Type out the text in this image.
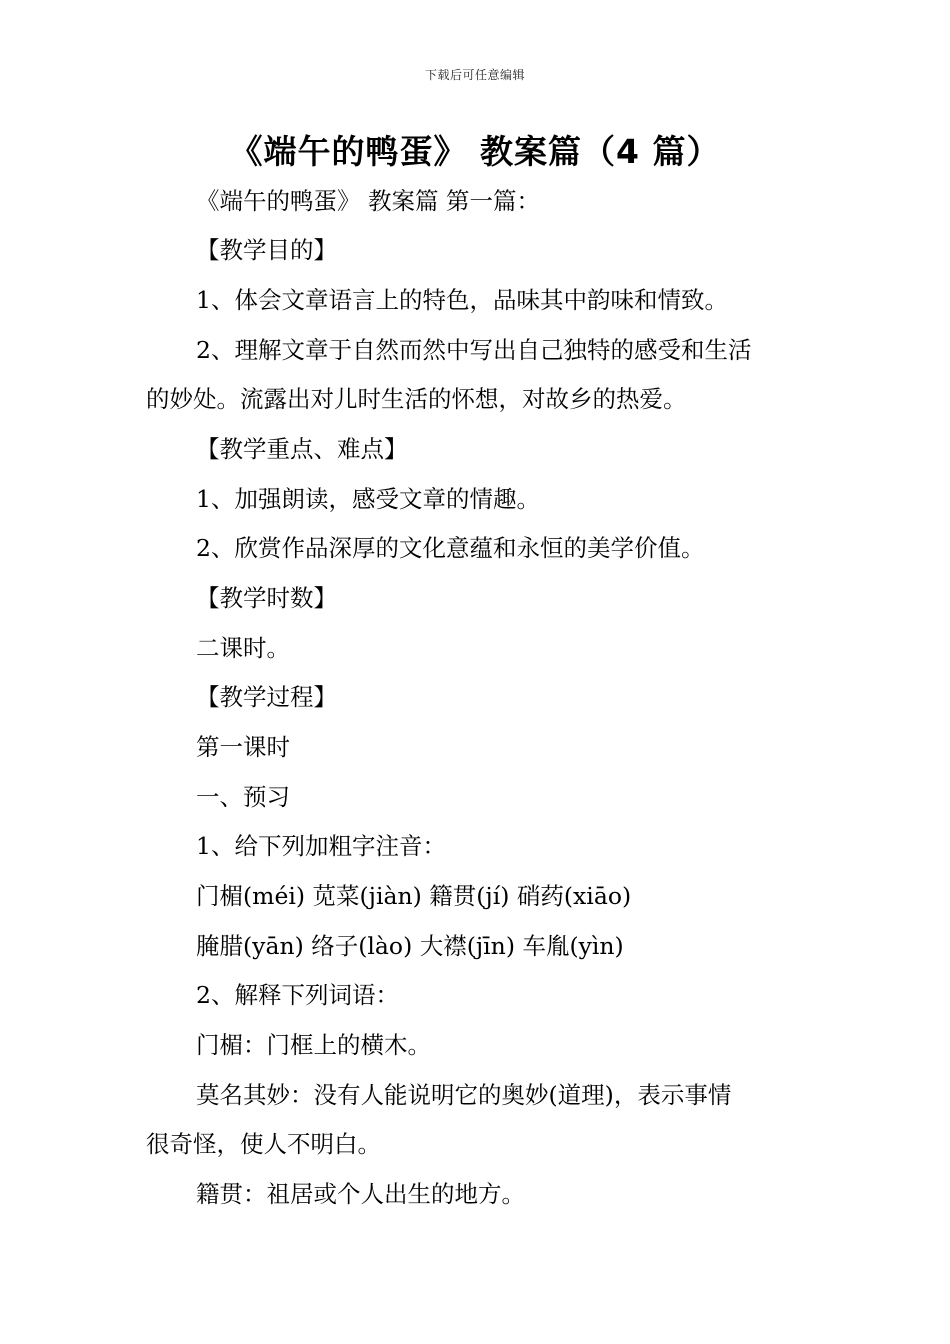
下载后可任意编辑
《端午的鸭蛋》 教案篇（4 篇）
《端午的鸭蛋》 教案篇 第一篇：
【教学目的】
1、体会文章语言上的特色，品味其中韵味和情致。
2、理解文章于自然而然中写出自己独特的感受和生活
的妙处。流露出对儿时生活的怀想，对故乡的热爱。
【教学重点、难点】
1、加强朗读，感受文章的情趣。
2、欣赏作品深厚的文化意蕴和永恒的美学价值。
【教学时数】
二课时。
【教学过程】
第一课时
一、预习
1、给下列加粗字注音：
门楣(méi) 苋菜(jiàn) 籍贯(jí) 硝药(xiāo)
腌腊(yān) 络子(lào) 大襟(jīn) 车胤(yìn)
2、解释下列词语：
门楣：门框上的横木。
莫名其妙：没有人能说明它的奥妙(道理)，表示事情
很奇怪，使人不明白。
籍贯：祖居或个人出生的地方。
